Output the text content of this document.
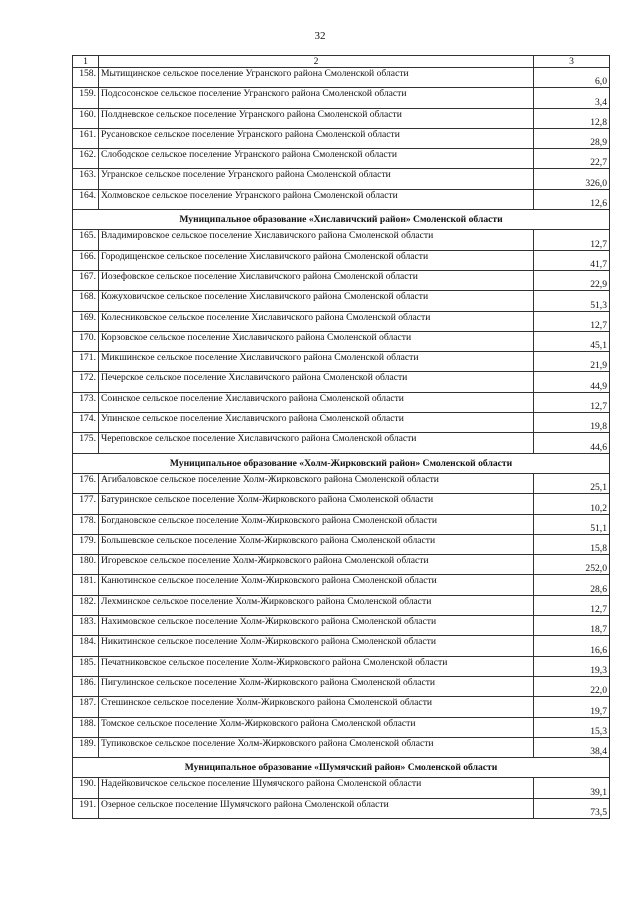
32
1	2	3
158.	Мытищинское сельское поселение Угранского района Смоленской области	6,0
159.	Подсосонское сельское поселение Угранского района Смоленской области	3,4
160.	Полдневское сельское поселение Угранского района Смоленской области	12,8
161.	Русановское сельское поселение Угранского района Смоленской области	28,9
162.	Слободское сельское поселение Угранского района Смоленской области	22,7
163.	Угранское сельское поселение Угранского района Смоленской области	326,0
164.	Холмовское сельское поселение Угранского района Смоленской области	12,6
Муниципальное образование «Хиславичский район» Смоленской области		
165.	Владимировское сельское поселение Хиславичского района Смоленской области	12,7
166.	Городищенское сельское поселение Хиславичского района Смоленской области	41,7
167.	Иозефовское сельское поселение Хиславичского района Смоленской области	22,9
168.	Кожуховичское сельское поселение Хиславичского района Смоленской области	51,3
169.	Колесниковское сельское поселение Хиславичского района Смоленской области	12,7
170.	Корзовское сельское поселение Хиславичского района Смоленской области	45,1
171.	Микшинское сельское поселение Хиславичского района Смоленской области	21,9
172.	Печерское сельское поселение Хиславичского района Смоленской области	44,9
173.	Соинское сельское поселение Хиславичского района Смоленской области	12,7
174.	Упинское сельское поселение Хиславичского района Смоленской области	19,8
175.	Череповское сельское поселение Хиславичского района Смоленской области	44,6
Муниципальное образование «Холм-Жирковский район» Смоленской области		
176.	Агибаловское сельское поселение Холм-Жирковского района Смоленской области	25,1
177.	Батуринское сельское поселение Холм-Жирковского района Смоленской области	10,2
178.	Богдановское сельское поселение Холм-Жирковского района Смоленской области	51,1
179.	Большевское сельское поселение Холм-Жирковского района Смоленской области	15,8
180.	Игоревское сельское поселение Холм-Жирковского района Смоленской области	252,0
181.	Канютинское сельское поселение Холм-Жирковского района Смоленской области	28,6
182.	Лехминское сельское поселение Холм-Жирковского района Смоленской области	12,7
183.	Нахимовское сельское поселение Холм-Жирковского района Смоленской области	18,7
184.	Никитинское сельское поселение Холм-Жирковского района Смоленской области	16,6
185.	Печатниковское сельское поселение Холм-Жирковского района Смоленской области	19,3
186.	Пигулинское сельское поселение Холм-Жирковского района Смоленской области	22,0
187.	Стешинское сельское поселение Холм-Жирковского района Смоленской области	19,7
188.	Томское сельское поселение Холм-Жирковского района Смоленской области	15,3
189.	Тупиковское сельское поселение Холм-Жирковского района Смоленской области	38,4
Муниципальное образование «Шумячский район» Смоленской области		
190.	Надейковичское сельское поселение Шумячского района Смоленской области	39,1
191.	Озерное сельское поселение Шумячского района Смоленской области	73,5
